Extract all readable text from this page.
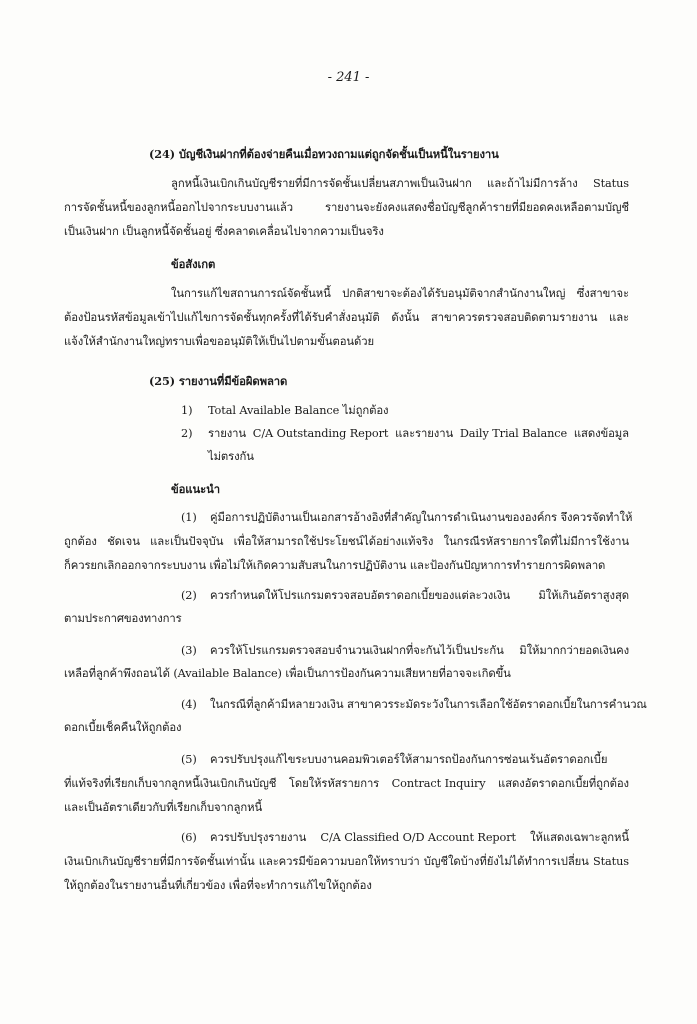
- 241 -
(24) บัญชีเงินฝากที่ต้องจ่ายคืนเมื่อทวงถามแต่ถูกจัดชั้นเป็นหนี้ในรายงาน
ลูกหนี้เงินเบิกเกินบัญชีรายที่มีการจัดชั้นเปลี่ยนสภาพเป็นเงินฝาก และถ้าไม่มีการล้าง Status
การจัดชั้นหนี้ของลูกหนี้ออกไปจากระบบงานแล้ว	รายงานจะยังคงแสดงชื่อบัญชีลูกค้ารายที่มียอดคงเหลือตามบัญชี
เป็นเงินฝาก เป็นลูกหนี้จัดชั้นอยู่ ซึ่งคลาดเคลื่อนไปจากความเป็นจริง
ข้อสังเกต
ในการแก้ไขสถานการณ์จัดชั้นหนี้ ปกติสาขาจะต้องได้รับอนุมัติจากสำนักงานใหญ่ ซึ่งสาขาจะ
ต้องป้อนรหัสข้อมูลเข้าไปแก้ไขการจัดชั้นทุกครั้งที่ได้รับคำสั่งอนุมัติ ดังนั้น สาขาควรตรวจสอบติดตามรายงาน และ
แจ้งให้สำนักงานใหญ่ทราบเพื่อขออนุมัติให้เป็นไปตามขั้นตอนด้วย
(25) รายงานที่มีข้อผิดพลาด
1) Total Available Balance ไม่ถูกต้อง
2) รายงาน C/A Outstanding Report และรายงาน Daily Trial Balance แสดงข้อมูล
ไม่ตรงกัน
ข้อแนะนำ
(1) คู่มือการปฏิบัติงานเป็นเอกสารอ้างอิงที่สำคัญในการดำเนินงานขององค์กร จึงควรจัดทำให้
ถูกต้อง ชัดเจน และเป็นปัจจุบัน เพื่อให้สามารถใช้ประโยชน์ได้อย่างแท้จริง ในกรณีรหัสรายการใดที่ไม่มีการใช้งาน
ก็ควรยกเลิกออกจากระบบงาน เพื่อไม่ให้เกิดความสับสนในการปฏิบัติงาน และป้องกันปัญหาการทำรายการผิดพลาด
(2) ควรกำหนดให้โปรแกรมตรวจสอบอัตราดอกเบี้ยของแต่ละวงเงิน	มิให้เกินอัตราสูงสุด
ตามประกาศของทางการ
(3) ควรให้โปรแกรมตรวจสอบจำนวนเงินฝากที่จะกันไว้เป็นประกัน มิให้มากกว่ายอดเงินคง
เหลือที่ลูกค้าพึงถอนได้ (Available Balance) เพื่อเป็นการป้องกันความเสียหายที่อาจจะเกิดขึ้น
(4) ในกรณีที่ลูกค้ามีหลายวงเงิน สาขาควรระมัดระวังในการเลือกใช้อัตราดอกเบี้ยในการคำนวณ
ดอกเบี้ยเช็คคืนให้ถูกต้อง
(5) ควรปรับปรุงแก้ไขระบบงานคอมพิวเตอร์ให้สามารถป้องกันการซ่อนเร้นอัตราดอกเบี้ย
ที่แท้จริงที่เรียกเก็บจากลูกหนี้เงินเบิกเกินบัญชี โดยให้รหัสรายการ Contract Inquiry แสดงอัตราดอกเบี้ยที่ถูกต้อง
และเป็นอัตราเดียวกับที่เรียกเก็บจากลูกหนี้
(6) ควรปรับปรุงรายงาน C/A Classified O/D Account Report ให้แสดงเฉพาะลูกหนี้
เงินเบิกเกินบัญชีรายที่มีการจัดชั้นเท่านั้น และควรมีข้อความบอกให้ทราบว่า บัญชีใดบ้างที่ยังไม่ได้ทำการเปลี่ยน Status
ให้ถูกต้องในรายงานอื่นที่เกี่ยวข้อง เพื่อที่จะทำการแก้ไขให้ถูกต้อง
